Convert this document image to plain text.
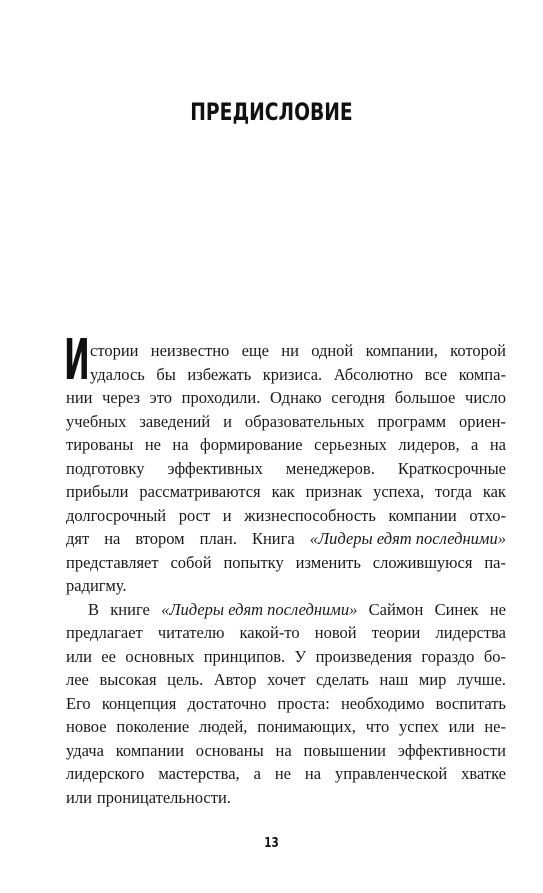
ПРЕДИСЛОВИЕ
И стории неизвестно еще ни одной компании, которой
удалось бы избежать кризиса. Абсолютно все компа-
нии через это проходили. Однако сегодня большое число
учебных заведений и образовательных программ ориен-
тированы не на формирование серьезных лидеров, а на
подготовку эффективных менеджеров. Краткосрочные
прибыли рассматриваются как признак успеха, тогда как
долгосрочный рост и жизнеспособность компании отхо-
дят на втором план. Книга «Лидеры едят последними»
представляет собой попытку изменить сложившуюся па-
радигму.
В книге «Лидеры едят последними» Саймон Синек не
предлагает читателю какой-то новой теории лидерства
или ее основных принципов. У произведения гораздо бо-
лее высокая цель. Автор хочет сделать наш мир лучше.
Его концепция достаточно проста: необходимо воспитать
новое поколение людей, понимающих, что успех или не-
удача компании основаны на повышении эффективности
лидерского мастерства, а не на управленческой хватке
или проницательности.
13
